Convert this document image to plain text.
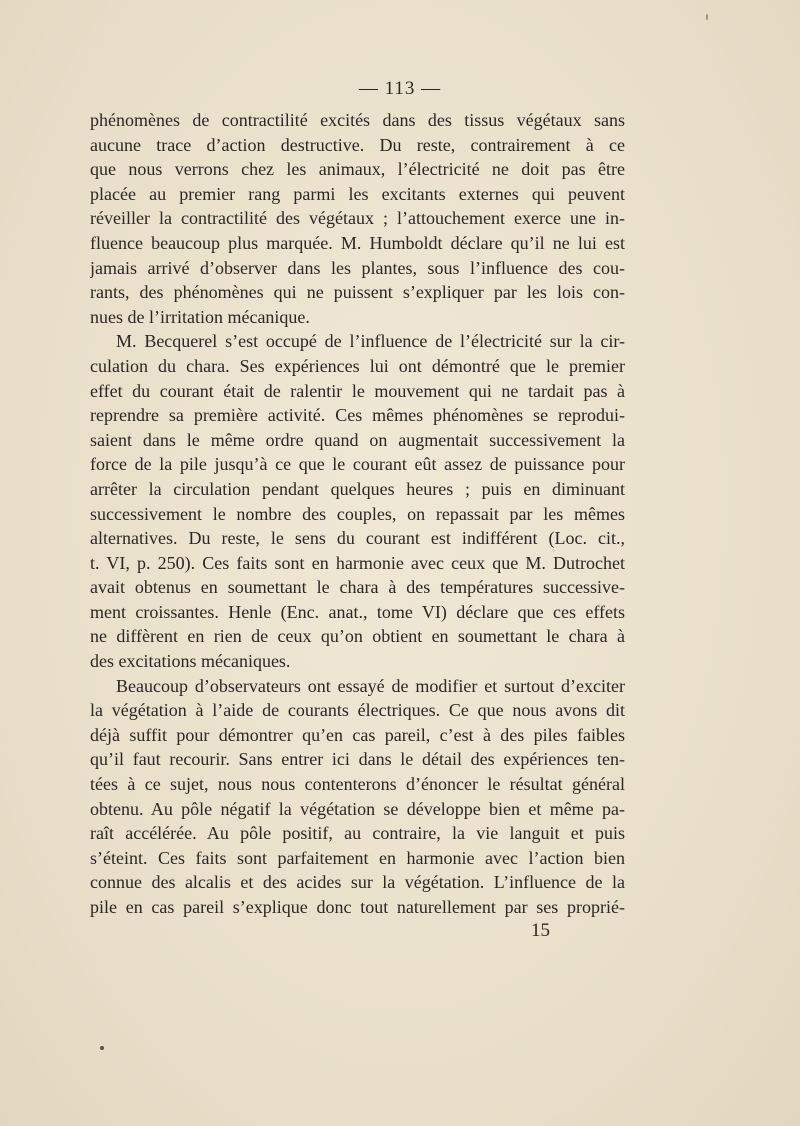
— 113 —
phénomènes de contractilité excités dans des tissus végétaux sans
aucune trace d’action destructive. Du reste, contrairement à ce
que nous verrons chez les animaux, l’électricité ne doit pas être
placée au premier rang parmi les excitants externes qui peuvent
réveiller la contractilité des végétaux ; l’attouchement exerce une in-
fluence beaucoup plus marquée. M. Humboldt déclare qu’il ne lui est
jamais arrivé d’observer dans les plantes, sous l’influence des cou-
rants, des phénomènes qui ne puissent s’expliquer par les lois con-
nues de l’irritation mécanique.
M. Becquerel s’est occupé de l’influence de l’électricité sur la cir-
culation du chara. Ses expériences lui ont démontré que le premier
effet du courant était de ralentir le mouvement qui ne tardait pas à
reprendre sa première activité. Ces mêmes phénomènes se reprodui-
saient dans le même ordre quand on augmentait successivement la
force de la pile jusqu’à ce que le courant eût assez de puissance pour
arrêter la circulation pendant quelques heures ; puis en diminuant
successivement le nombre des couples, on repassait par les mêmes
alternatives. Du reste, le sens du courant est indifférent (Loc. cit.,
t. VI, p. 250). Ces faits sont en harmonie avec ceux que M. Dutrochet
avait obtenus en soumettant le chara à des températures successive-
ment croissantes. Henle (Enc. anat., tome VI) déclare que ces effets
ne diffèrent en rien de ceux qu’on obtient en soumettant le chara à
des excitations mécaniques.
Beaucoup d’observateurs ont essayé de modifier et surtout d’exciter
la végétation à l’aide de courants électriques. Ce que nous avons dit
déjà suffit pour démontrer qu’en cas pareil, c’est à des piles faibles
qu’il faut recourir. Sans entrer ici dans le détail des expériences ten-
tées à ce sujet, nous nous contenterons d’énoncer le résultat général
obtenu. Au pôle négatif la végétation se développe bien et même pa-
raît accélérée. Au pôle positif, au contraire, la vie languit et puis
s’éteint. Ces faits sont parfaitement en harmonie avec l’action bien
connue des alcalis et des acides sur la végétation. L’influence de la
pile en cas pareil s’explique donc tout naturellement par ses proprié-
15
